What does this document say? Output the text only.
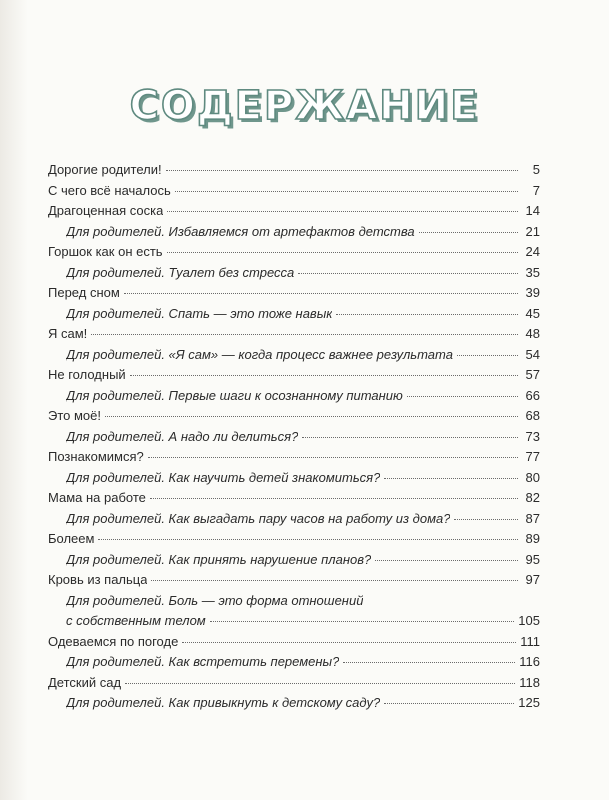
СОДЕРЖАНИЕ
Дорогие родители!	5
С чего всё началось	7
Драгоценная соска	14
Для родителей. Избавляемся от артефактов детства	21
Горшок как он есть	24
Для родителей. Туалет без стресса	35
Перед сном	39
Для родителей. Спать — это тоже навык	45
Я сам!	48
Для родителей. «Я сам» — когда процесс важнее результата	54
Не голодный	57
Для родителей. Первые шаги к осознанному питанию	66
Это моё!	68
Для родителей. А надо ли делиться?	73
Познакомимся?	77
Для родителей. Как научить детей знакомиться?	80
Мама на работе	82
Для родителей. Как выгадать пару часов на работу из дома?	87
Болеем	89
Для родителей. Как принять нарушение планов?	95
Кровь из пальца	97
Для родителей. Боль — это форма отношений
с собственным телом	105
Одеваемся по погоде	111
Для родителей. Как встретить перемены?	116
Детский сад	118
Для родителей. Как привыкнуть к детскому саду?	125
